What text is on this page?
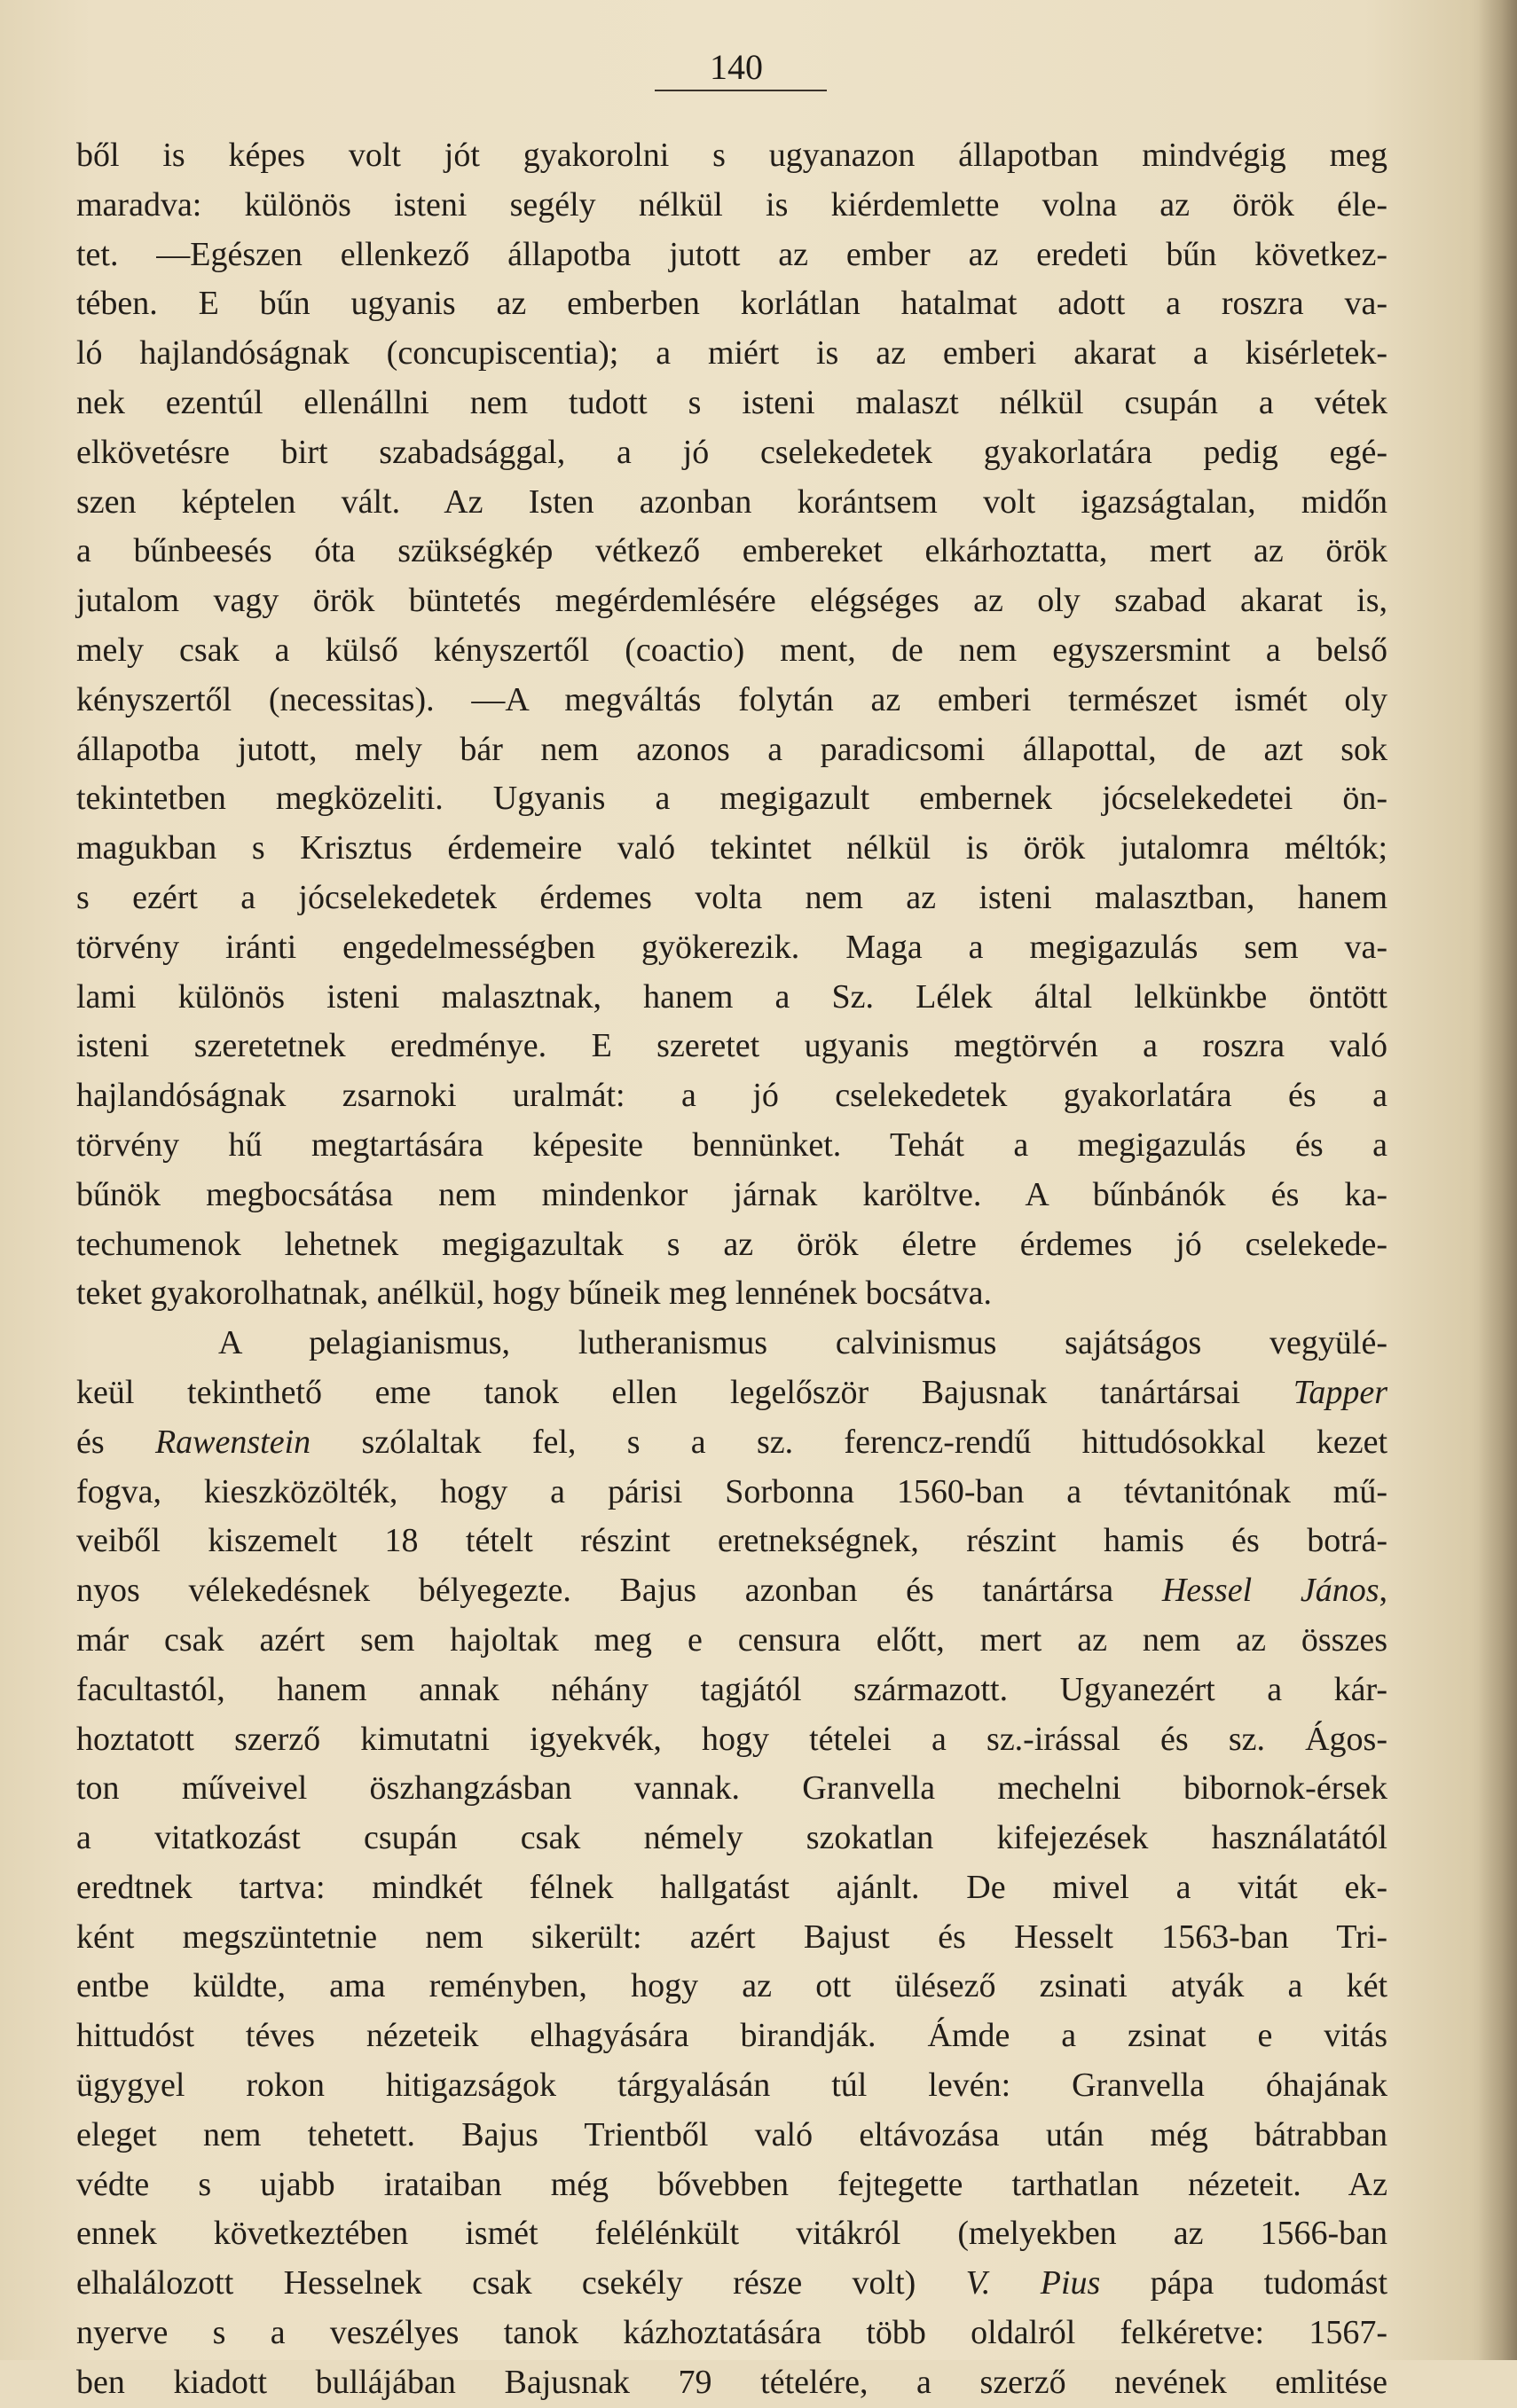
140
ből is képes volt jót gyakorolni s ugyanazon állapotban mindvégig meg
maradva: különös isteni segély nélkül is kiérdemlette volna az örök éle-
tet. —Egészen ellenkező állapotba jutott az ember az eredeti bűn következ-
tében. E bűn ugyanis az emberben korlátlan hatalmat adott a roszra va-
ló hajlandóságnak (concupiscentia); a miért is az emberi akarat a kisérletek-
nek ezentúl ellenállni nem tudott s isteni malaszt nélkül csupán a vétek
elkövetésre birt szabadsággal, a jó cselekedetek gyakorlatára pedig egé-
szen képtelen vált. Az Isten azonban korántsem volt igazságtalan, midőn
a bűnbeesés óta szükségkép vétkező embereket elkárhoztatta, mert az örök
jutalom vagy örök büntetés megérdemlésére elégséges az oly szabad akarat is,
mely csak a külső kényszertől (coactio) ment, de nem egyszersmint a belső
kényszertől (necessitas). —A megváltás folytán az emberi természet ismét oly
állapotba jutott, mely bár nem azonos a paradicsomi állapottal, de azt sok
tekintetben megközeliti. Ugyanis a megigazult embernek jócselekedetei ön-
magukban s Krisztus érdemeire való tekintet nélkül is örök jutalomra méltók;
s ezért a jócselekedetek érdemes volta nem az isteni malasztban, hanem
törvény iránti engedelmességben gyökerezik. Maga a megigazulás sem va-
lami különös isteni malasztnak, hanem a Sz. Lélek által lelkünkbe öntött
isteni szeretetnek eredménye. E szeretet ugyanis megtörvén a roszra való
hajlandóságnak zsarnoki uralmát: a jó cselekedetek gyakorlatára és a
törvény hű megtartására képesite bennünket. Tehát a megigazulás és a
bűnök megbocsátása nem mindenkor járnak karöltve. A bűnbánók és ka-
techumenok lehetnek megigazultak s az örök életre érdemes jó cselekede-
teket gyakorolhatnak, anélkül, hogy bűneik meg lennének bocsátva.
A pelagianismus, lutheranismus calvinismus sajátságos vegyülé-
keül tekinthető eme tanok ellen legelőször Bajusnak tanártársai Tapper
és Rawenstein szólaltak fel, s a sz. ferencz-rendű hittudósokkal kezet
fogva, kieszközölték, hogy a párisi Sorbonna 1560-ban a tévtanitónak mű-
veiből kiszemelt 18 tételt részint eretnekségnek, részint hamis és botrá-
nyos vélekedésnek bélyegezte. Bajus azonban és tanártársa Hessel János,
már csak azért sem hajoltak meg e censura előtt, mert az nem az összes
facultastól, hanem annak néhány tagjától származott. Ugyanezért a kár-
hoztatott szerző kimutatni igyekvék, hogy tételei a sz.-irással és sz. Ágos-
ton műveivel öszhangzásban vannak. Granvella mechelni bibornok-érsek
a vitatkozást csupán csak némely szokatlan kifejezések használatától
eredtnek tartva: mindkét félnek hallgatást ajánlt. De mivel a vitát ek-
ként megszüntetnie nem sikerült: azért Bajust és Hesselt 1563-ban Tri-
entbe küldte, ama reményben, hogy az ott ülésező zsinati atyák a két
hittudóst téves nézeteik elhagyására birandják. Ámde a zsinat e vitás
ügygyel rokon hitigazságok tárgyalásán túl levén: Granvella óhajának
eleget nem tehetett. Bajus Trientből való eltávozása után még bátrabban
védte s ujabb irataiban még bővebben fejtegette tarthatlan nézeteit. Az
ennek következtében ismét felélénkült vitákról (melyekben az 1566-ban
elhalálozott Hesselnek csak csekély része volt) V. Pius pápa tudomást
nyerve s a veszélyes tanok kázhoztatására több oldalról felkéretve: 1567-
ben kiadott bullájában Bajusnak 79 tételére, a szerző nevének emlitése
